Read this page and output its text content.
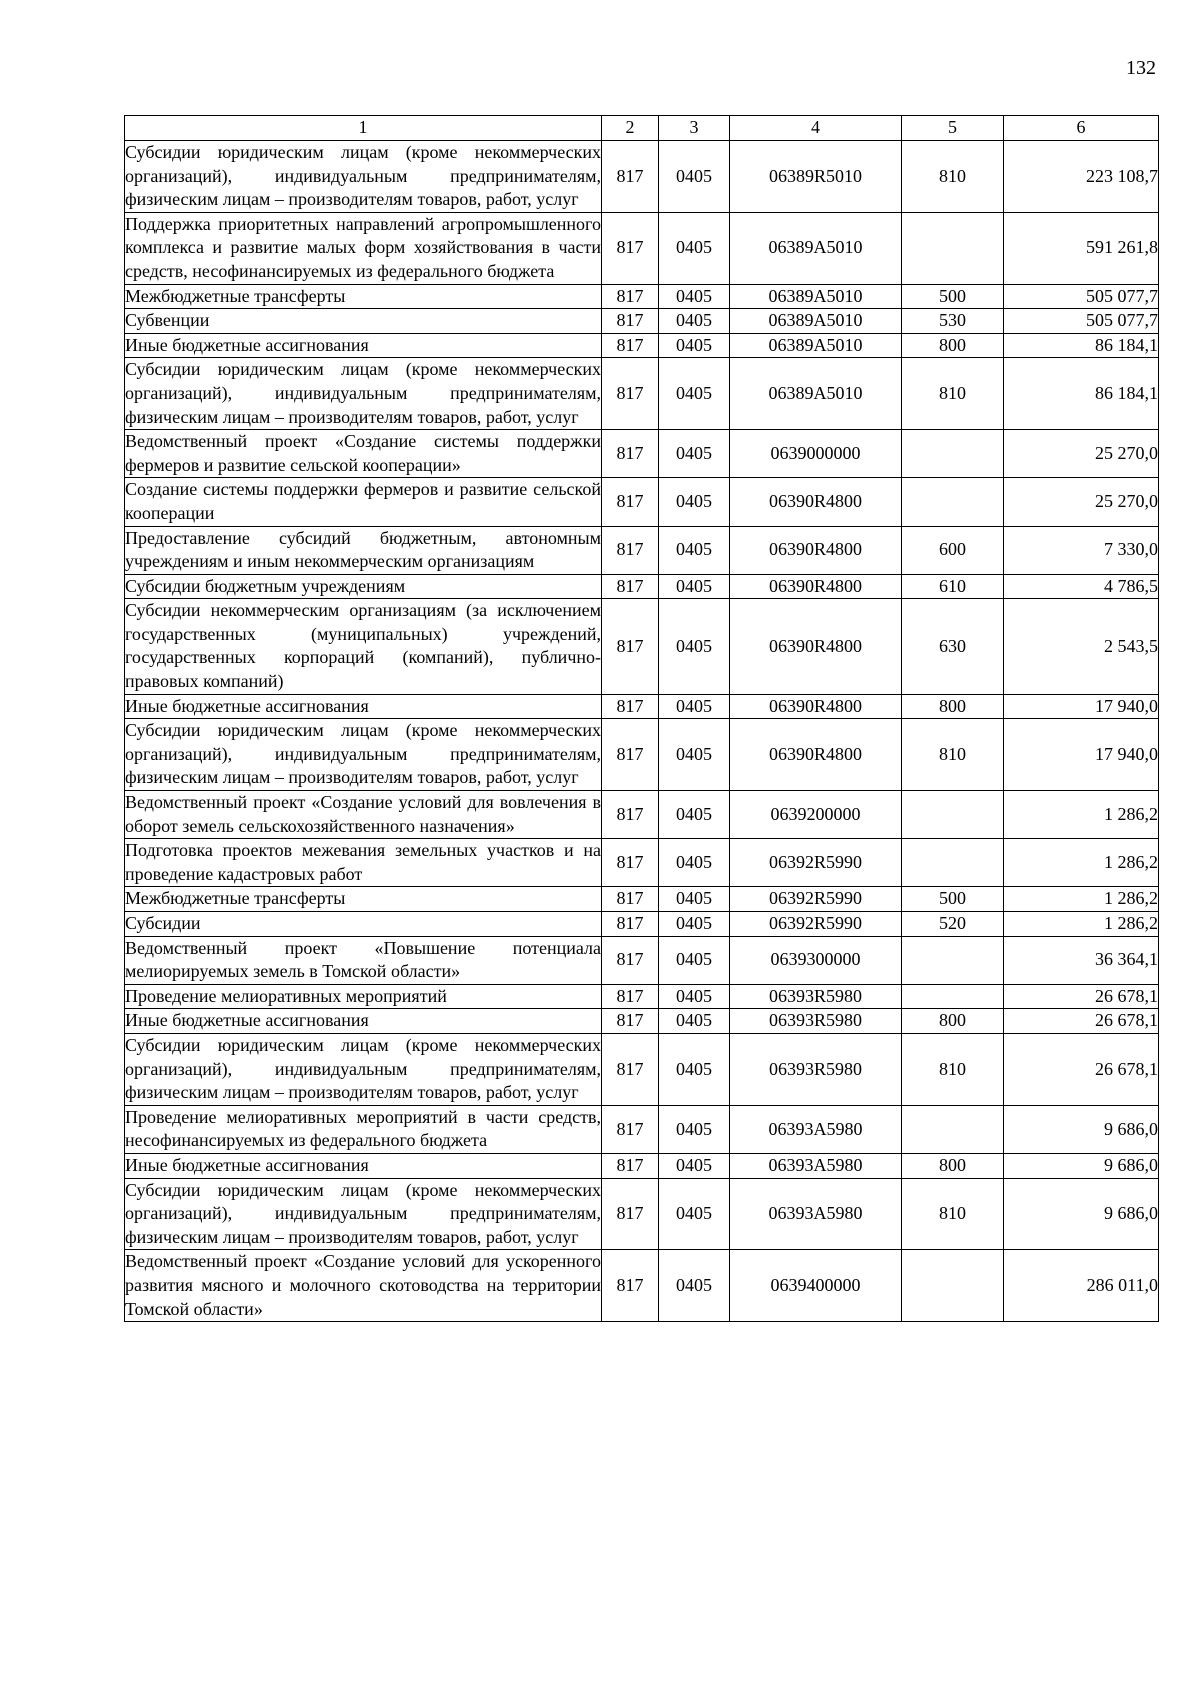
132
1	2	3	4	5	6
Субсидии юридическим лицам (кроме некоммерческих организаций), индивидуальным предпринимателям, физическим лицам – производителям товаров, работ, услуг	817	0405	06389R5010	810	223 108,7
Поддержка приоритетных направлений агропромышленного комплекса и развитие малых форм хозяйствования в части средств, несофинансируемых из федерального бюджета	817	0405	06389А5010		591 261,8
Межбюджетные трансферты	817	0405	06389А5010	500	505 077,7
Субвенции	817	0405	06389А5010	530	505 077,7
Иные бюджетные ассигнования	817	0405	06389А5010	800	86 184,1
Субсидии юридическим лицам (кроме некоммерческих организаций), индивидуальным предпринимателям, физическим лицам – производителям товаров, работ, услуг	817	0405	06389А5010	810	86 184,1
Ведомственный проект «Создание системы поддержки фермеров и развитие сельской кооперации»	817	0405	0639000000		25 270,0
Создание системы поддержки фермеров и развитие сельской кооперации	817	0405	06390R4800		25 270,0
Предоставление субсидий бюджетным, автономным учреждениям и иным некоммерческим организациям	817	0405	06390R4800	600	7 330,0
Субсидии бюджетным учреждениям	817	0405	06390R4800	610	4 786,5
Субсидии некоммерческим организациям (за исключением государственных (муниципальных) учреждений, государственных корпораций (компаний), публично-правовых компаний)	817	0405	06390R4800	630	2 543,5
Иные бюджетные ассигнования	817	0405	06390R4800	800	17 940,0
Субсидии юридическим лицам (кроме некоммерческих организаций), индивидуальным предпринимателям, физическим лицам – производителям товаров, работ, услуг	817	0405	06390R4800	810	17 940,0
Ведомственный проект «Создание условий для вовлечения в оборот земель сельскохозяйственного назначения»	817	0405	0639200000		1 286,2
Подготовка проектов межевания земельных участков и на проведение кадастровых работ	817	0405	06392R5990		1 286,2
Межбюджетные трансферты	817	0405	06392R5990	500	1 286,2
Субсидии	817	0405	06392R5990	520	1 286,2
Ведомственный проект «Повышение потенциала мелиорируемых земель в Томской области»	817	0405	0639300000		36 364,1
Проведение мелиоративных мероприятий	817	0405	06393R5980		26 678,1
Иные бюджетные ассигнования	817	0405	06393R5980	800	26 678,1
Субсидии юридическим лицам (кроме некоммерческих организаций), индивидуальным предпринимателям, физическим лицам – производителям товаров, работ, услуг	817	0405	06393R5980	810	26 678,1
Проведение мелиоративных мероприятий в части средств, несофинансируемых из федерального бюджета	817	0405	06393А5980		9 686,0
Иные бюджетные ассигнования	817	0405	06393А5980	800	9 686,0
Субсидии юридическим лицам (кроме некоммерческих организаций), индивидуальным предпринимателям, физическим лицам – производителям товаров, работ, услуг	817	0405	06393А5980	810	9 686,0
Ведомственный проект «Создание условий для ускоренного развития мясного и молочного скотоводства на территории Томской области»	817	0405	0639400000		286 011,0
